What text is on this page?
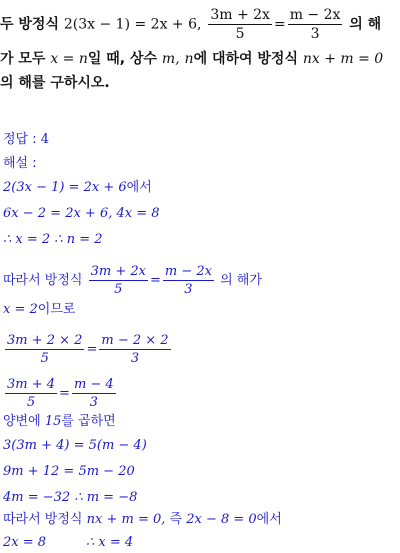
두 방정식 2(3x − 1) = 2x + 6, $\frac{3m + 2x}{5} = \frac{m - 2x}{3}$ 의 해
가 모두 x = n일 때, 상수 m, n에 대하여 방정식 nx + m = 0
의 해를 구하시오.
정답 : 4
해설 :
2(3x − 1) = 2x + 6에서
6x − 2 = 2x + 6, 4x = 8
∴ x = 2 ∴ n = 2
따라서 방정식 $\frac{3m + 2x}{5} = \frac{m - 2x}{3}$ 의 해가
x = 2이므로
$\frac{3m + 2 \times 2}{5} = \frac{m - 2 \times 2}{3}$
$\frac{3m + 4}{5} = \frac{m - 4}{3}$
양변에 15를 곱하면
3(3m + 4) = 5(m − 4)
9m + 12 = 5m − 20
4m = −32 ∴ m = −8
따라서 방정식 nx + m = 0, 즉 2x − 8 = 0에서
2x = 8	∴ x = 4
